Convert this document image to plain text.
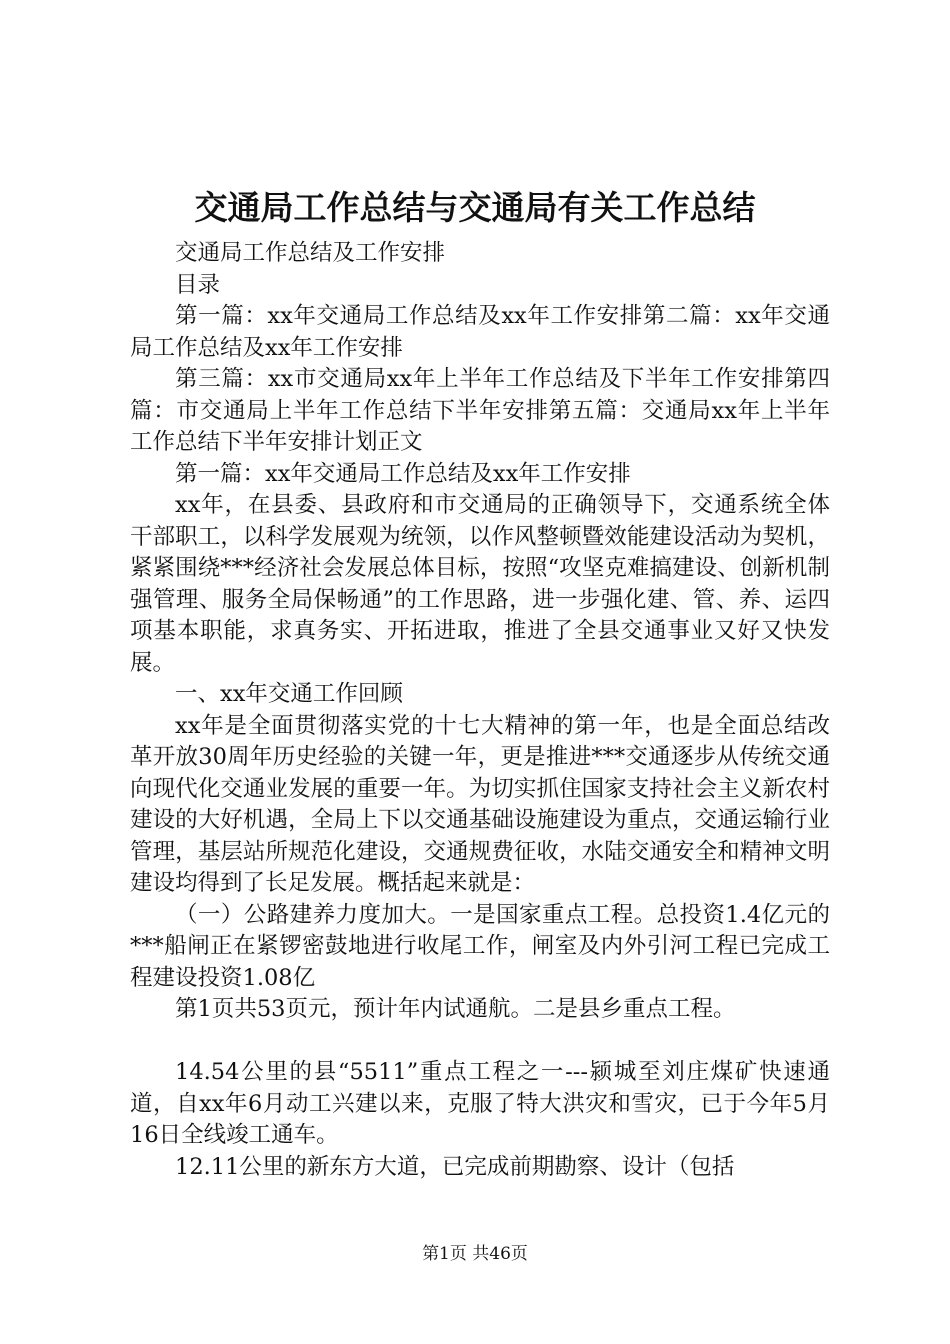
交通局工作总结与交通局有关工作总结

交通局工作总结及工作安排

目录

第一篇：xx年交通局工作总结及xx年工作安排第二篇：xx年交通局工作总结及xx年工作安排

第三篇：xx市交通局xx年上半年工作总结及下半年工作安排第四篇：市交通局上半年工作总结下半年安排第五篇：交通局xx年上半年工作总结下半年安排计划正文

第一篇：xx年交通局工作总结及xx年工作安排

xx年，在县委、县政府和市交通局的正确领导下，交通系统全体干部职工，以科学发展观为统领，以作风整顿暨效能建设活动为契机，紧紧围绕***经济社会发展总体目标，按照“攻坚克难搞建设、创新机制强管理、服务全局保畅通”的工作思路，进一步强化建、管、养、运四项基本职能，求真务实、开拓进取，推进了全县交通事业又好又快发展。

一、xx年交通工作回顾

xx年是全面贯彻落实党的十七大精神的第一年，也是全面总结改革开放30周年历史经验的关键一年，更是推进***交通逐步从传统交通向现代化交通业发展的重要一年。为切实抓住国家支持社会主义新农村建设的大好机遇，全局上下以交通基础设施建设为重点，交通运输行业管理，基层站所规范化建设，交通规费征收，水陆交通安全和精神文明建设均得到了长足发展。概括起来就是：

（一）公路建养力度加大。一是国家重点工程。总投资1.4亿元的***船闸正在紧锣密鼓地进行收尾工作，闸室及内外引河工程已完成工程建设投资1.08亿

第1页共53页元，预计年内试通航。二是县乡重点工程。

14.54公里的县“5511”重点工程之一---颍城至刘庄煤矿快速通道，自xx年6月动工兴建以来，克服了特大洪灾和雪灾，已于今年5月16日全线竣工通车。

12.11公里的新东方大道，已完成前期勘察、设计（包括

第1页 共46页
